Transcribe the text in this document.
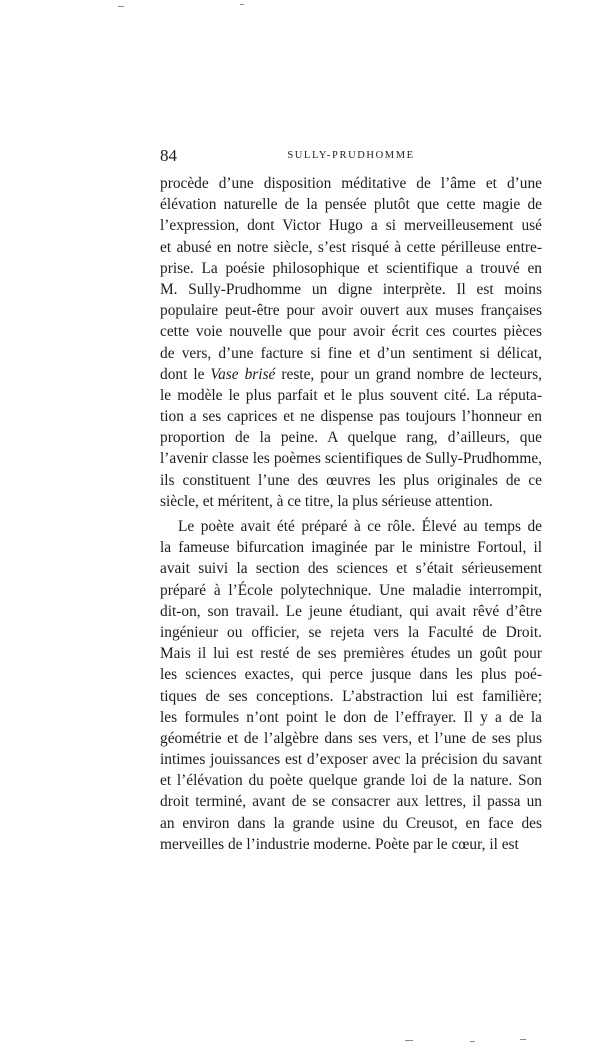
84	SULLY-PRUDHOMME
procède d’une disposition méditative de l’âme et d’une
élévation naturelle de la pensée plutôt que cette magie de
l’expression, dont Victor Hugo a si merveilleusement usé
et abusé en notre siècle, s’est risqué à cette périlleuse entre-
prise. La poésie philosophique et scientifique a trouvé en
M. Sully-Prudhomme un digne interprète. Il est moins
populaire peut-être pour avoir ouvert aux muses françaises
cette voie nouvelle que pour avoir écrit ces courtes pièces
de vers, d’une facture si fine et d’un sentiment si délicat,
dont le Vase brisé reste, pour un grand nombre de lecteurs,
le modèle le plus parfait et le plus souvent cité. La réputa-
tion a ses caprices et ne dispense pas toujours l’honneur en
proportion de la peine. A quelque rang, d’ailleurs, que
l’avenir classe les poèmes scientifiques de Sully-Prudhomme,
ils constituent l’une des œuvres les plus originales de ce
siècle, et méritent, à ce titre, la plus sérieuse attention.
Le poète avait été préparé à ce rôle. Élevé au temps de
la fameuse bifurcation imaginée par le ministre Fortoul, il
avait suivi la section des sciences et s’était sérieusement
préparé à l’École polytechnique. Une maladie interrompit,
dit-on, son travail. Le jeune étudiant, qui avait rêvé d’être
ingénieur ou officier, se rejeta vers la Faculté de Droit.
Mais il lui est resté de ses premières études un goût pour
les sciences exactes, qui perce jusque dans les plus poé-
tiques de ses conceptions. L’abstraction lui est familière;
les formules n’ont point le don de l’effrayer. Il y a de la
géométrie et de l’algèbre dans ses vers, et l’une de ses plus
intimes jouissances est d’exposer avec la précision du savant
et l’élévation du poète quelque grande loi de la nature. Son
droit terminé, avant de se consacrer aux lettres, il passa un
an environ dans la grande usine du Creusot, en face des
merveilles de l’industrie moderne. Poète par le cœur, il est
